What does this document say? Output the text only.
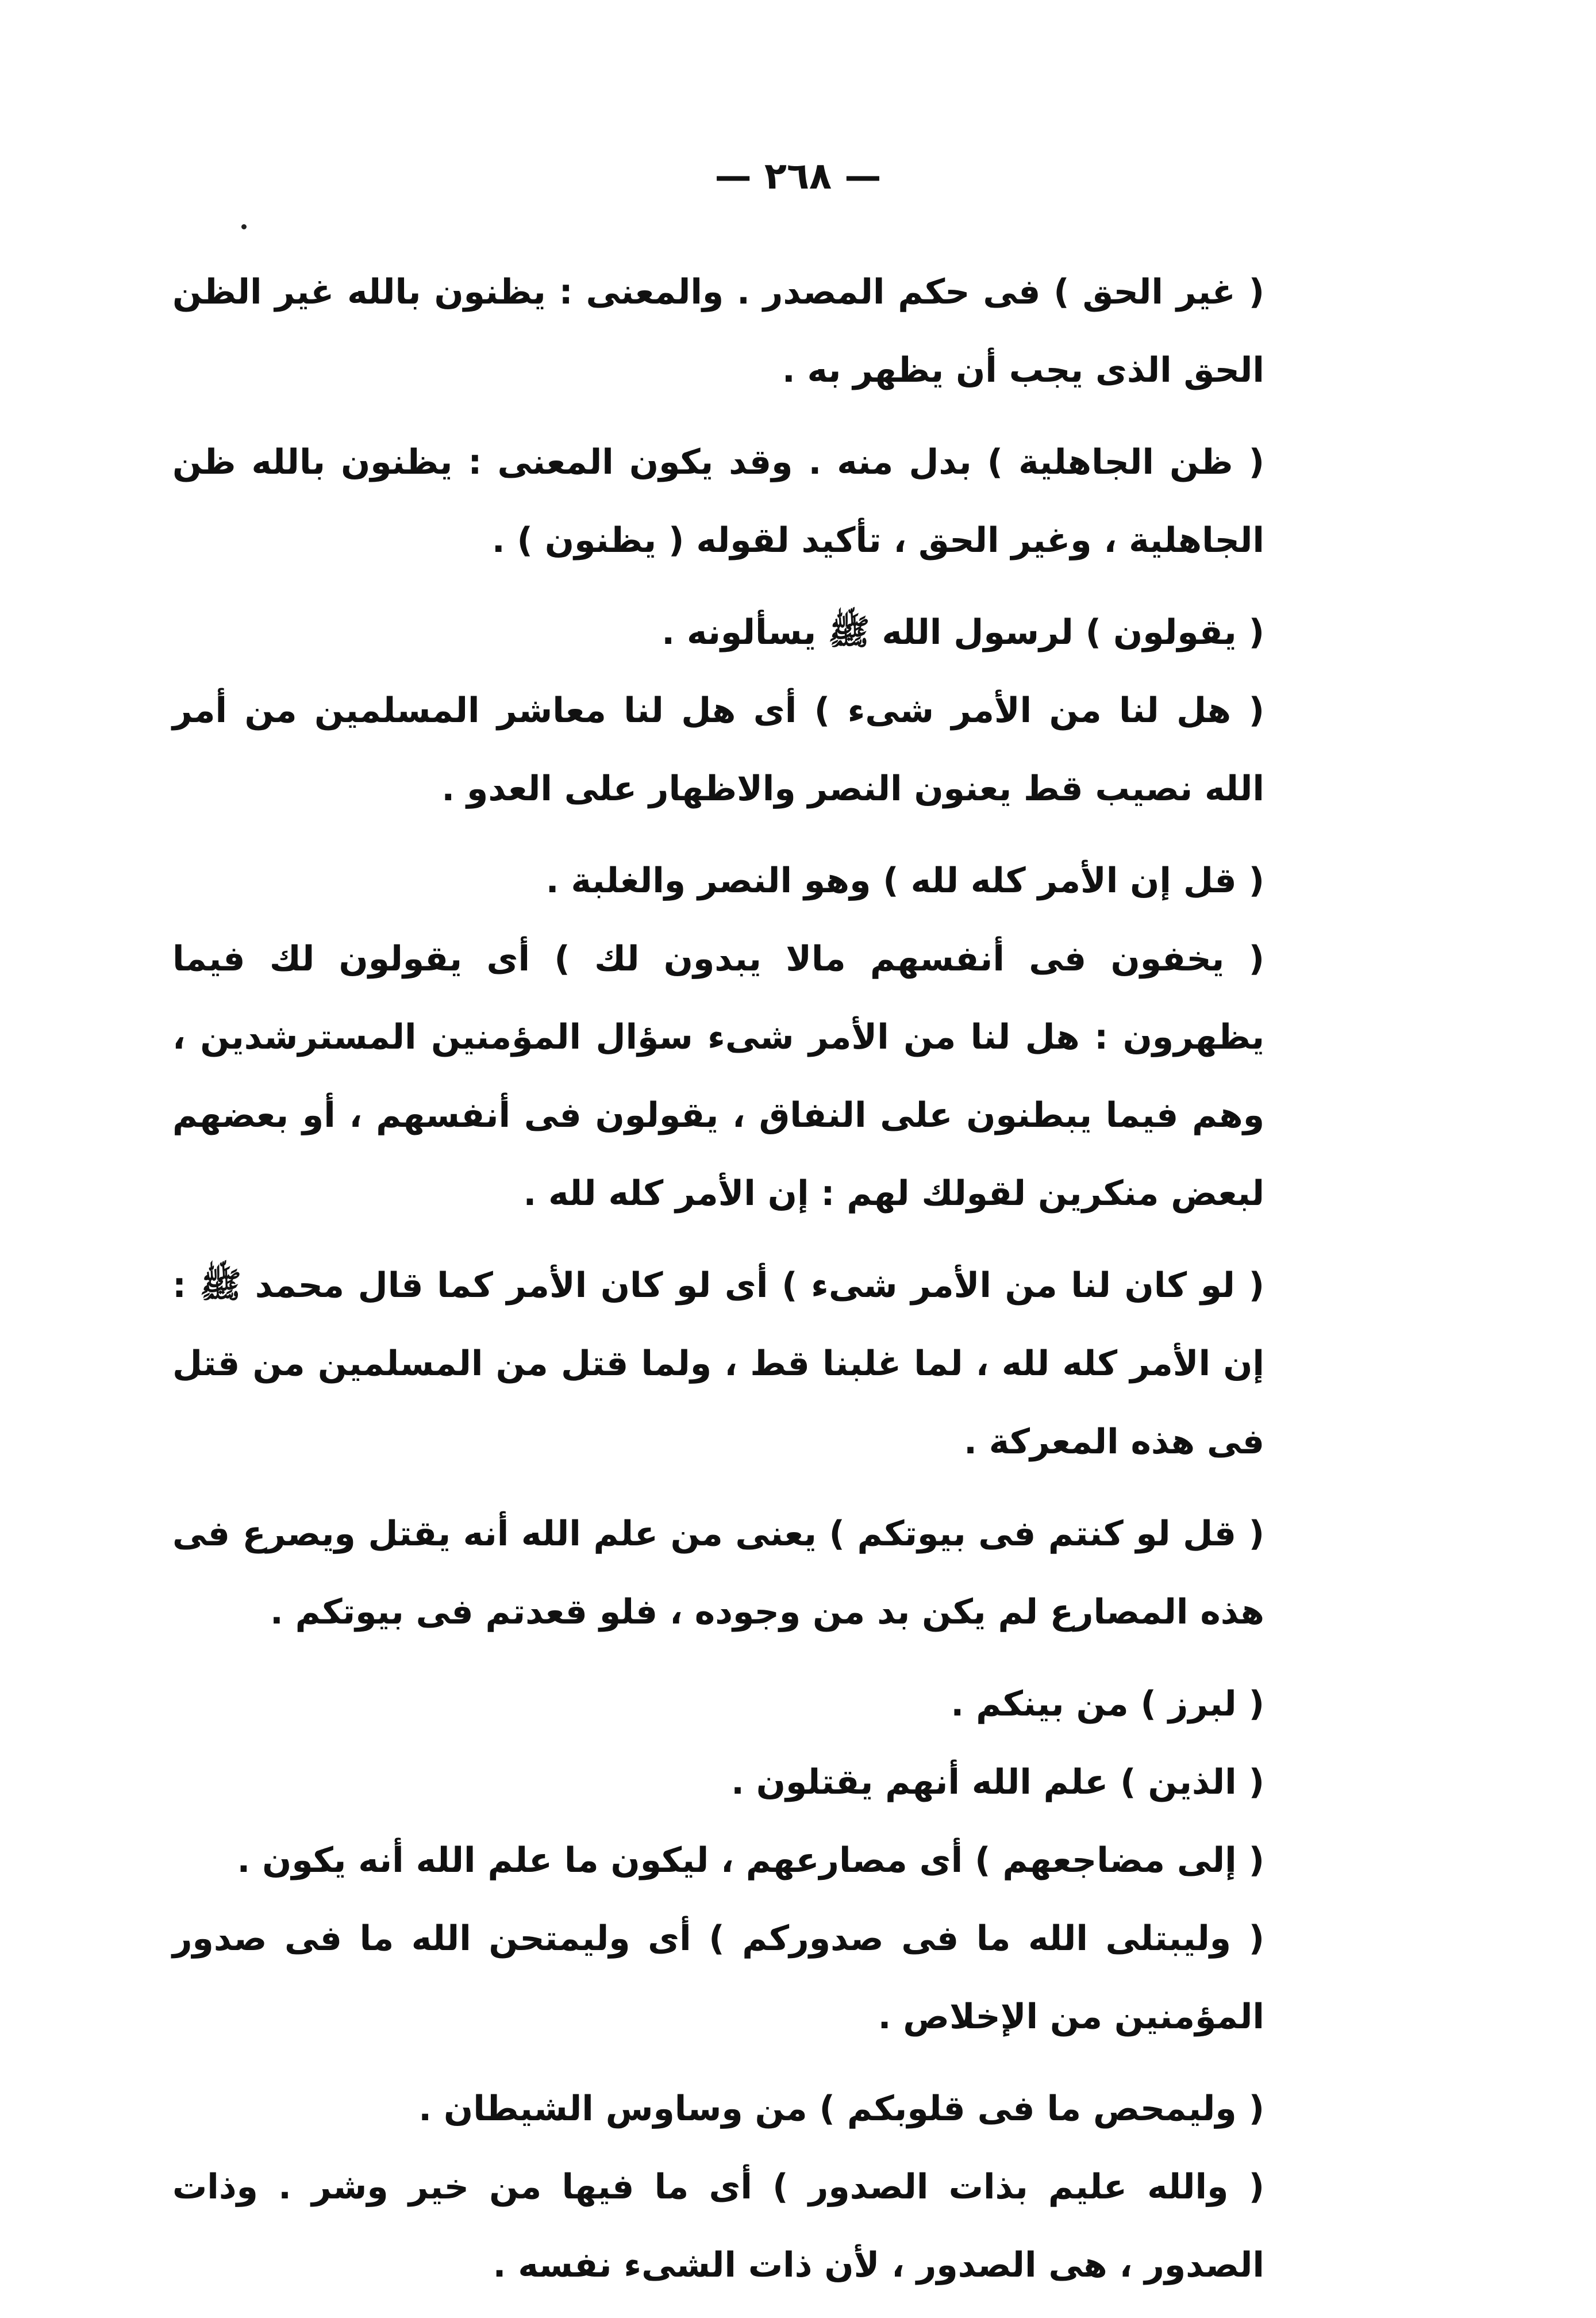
— ٢٦٨ —

( غير الحق ) فى حكم المصدر . والمعنى : يظنون بالله غير الظن الحق الذى يجب أن يظهر به .

( ظن الجاهلية ) بدل منه . وقد يكون المعنى : يظنون بالله ظن الجاهلية ، وغير الحق ، تأكيد لقوله ( يظنون ) .

( يقولون ) لرسول الله ﷺ يسألونه .

( هل لنا من الأمر شىء ) أى هل لنا معاشر المسلمين من أمر الله نصيب قط يعنون النصر والاظهار على العدو .

( قل إن الأمر كله لله ) وهو النصر والغلبة .

( يخفون فى أنفسهم مالا يبدون لك ) أى يقولون لك فيما يظهرون : هل لنا من الأمر شىء سؤال المؤمنين المسترشدين ، وهم فيما يبطنون على النفاق ، يقولون فى أنفسهم ، أو بعضهم لبعض منكرين لقولك لهم : إن الأمر كله لله .

( لو كان لنا من الأمر شىء ) أى لو كان الأمر كما قال محمد ﷺ : إن الأمر كله لله ، لما غلبنا قط ، ولما قتل من المسلمين من قتل فى هذه المعركة .

( قل لو كنتم فى بيوتكم ) يعنى من علم الله أنه يقتل ويصرع فى هذه المصارع لم يكن بد من وجوده ، فلو قعدتم فى بيوتكم .

( لبرز ) من بينكم .

( الذين ) علم الله أنهم يقتلون .

( إلى مضاجعهم ) أى مصارعهم ، ليكون ما علم الله أنه يكون .

( وليبتلى الله ما فى صدوركم ) أى وليمتحن الله ما فى صدور المؤمنين من الإخلاص .

( وليمحص ما فى قلوبكم ) من وساوس الشيطان .

( والله عليم بذات الصدور ) أى ما فيها من خير وشر . وذات الصدور ، هى الصدور ، لأن ذات الشىء نفسه .
